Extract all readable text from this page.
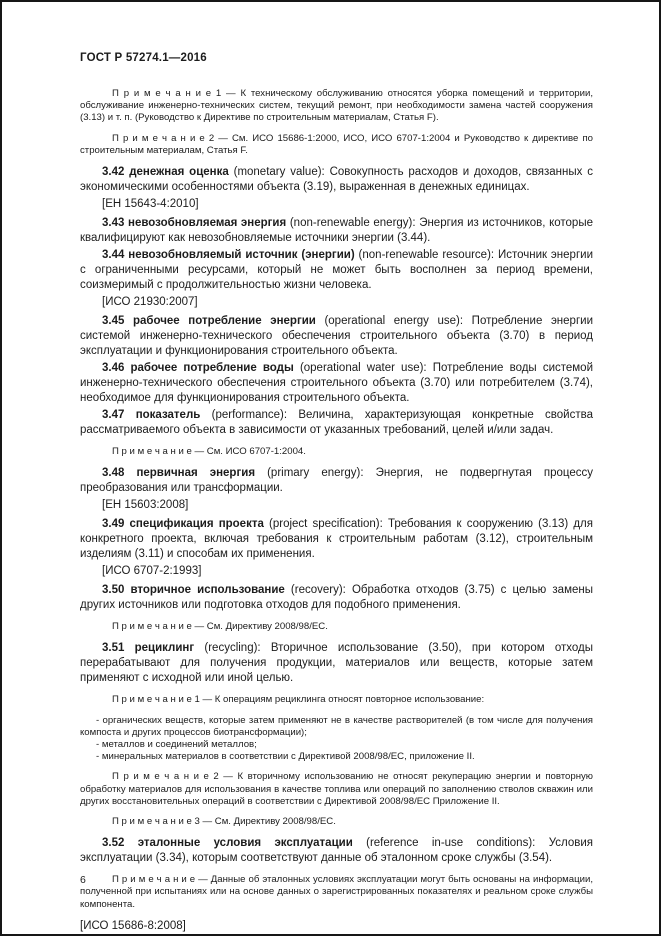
ГОСТ Р 57274.1—2016

П р и м е ч а н и е 1 — К техническому обслуживанию относятся уборка помещений и территории, обслуживание инженерно-технических систем, текущий ремонт, при необходимости замена частей сооружения (3.13) и т. п. (Руководство к Директиве по строительным материалам, Статья F).

П р и м е ч а н и е 2 — См. ИСО 15686-1:2000, ИСО, ИСО 6707-1:2004 и Руководство к директиве по строительным материалам, Статья F.

3.42 денежная оценка (monetary value): Совокупность расходов и доходов, связанных с экономическими особенностями объекта (3.19), выраженная в денежных единицах.

[ЕН 15643-4:2010]

3.43 невозобновляемая энергия (non-renewable energy): Энергия из источников, которые квалифицируют как невозобновляемые источники энергии (3.44).

3.44 невозобновляемый источник (энергии) (non-renewable resource): Источник энергии с ограниченными ресурсами, который не может быть восполнен за период времени, соизмеримый с продолжительностью жизни человека.

[ИСО 21930:2007]

3.45 рабочее потребление энергии (operational energy use): Потребление энергии системой инженерно-технического обеспечения строительного объекта (3.70) в период эксплуатации и функционирования строительного объекта.

3.46 рабочее потребление воды (operational water use): Потребление воды системой инженерно-технического обеспечения строительного объекта (3.70) или потребителем (3.74), необходимое для функционирования строительного объекта.

3.47 показатель (performance): Величина, характеризующая конкретные свойства рассматриваемого объекта в зависимости от указанных требований, целей и/или задач.

П р и м е ч а н и е — См. ИСО 6707-1:2004.

3.48 первичная энергия (primary energy): Энергия, не подвергнутая процессу преобразования или трансформации.

[ЕН 15603:2008]

3.49 спецификация проекта (project specification): Требования к сооружению (3.13) для конкретного проекта, включая требования к строительным работам (3.12), строительным изделиям (3.11) и способам их применения.

[ИСО 6707-2:1993]

3.50 вторичное использование (recovery): Обработка отходов (3.75) с целью замены других источников или подготовка отходов для подобного применения.

П р и м е ч а н и е — См. Директиву 2008/98/ЕС.

3.51 рециклинг (recycling): Вторичное использование (3.50), при котором отходы перерабатывают для получения продукции, материалов или веществ, которые затем применяют с исходной или иной целью.

П р и м е ч а н и е 1 — К операциям рециклинга относят повторное использование:

- органических веществ, которые затем применяют не в качестве растворителей (в том числе для получения компоста и других процессов биотрансформации);

- металлов и соединений металлов;

- минеральных материалов в соответствии с Директивой 2008/98/ЕС, приложение II.

П р и м е ч а н и е 2 — К вторичному использованию не относят рекуперацию энергии и повторную обработку материалов для использования в качестве топлива или операций по заполнению стволов скважин или других восстановительных операций в соответствии с Директивой 2008/98/ЕС Приложение II.

П р и м е ч а н и е 3 — См. Директиву 2008/98/ЕС.

3.52 эталонные условия эксплуатации (reference in-use conditions): Условия эксплуатации (3.34), которым соответствуют данные об эталонном сроке службы (3.54).

П р и м е ч а н и е — Данные об эталонных условиях эксплуатации могут быть основаны на информации, полученной при испытаниях или на основе данных о зарегистрированных показателях и реальном сроке службы компонента.

[ИСО 15686-8:2008]

6
